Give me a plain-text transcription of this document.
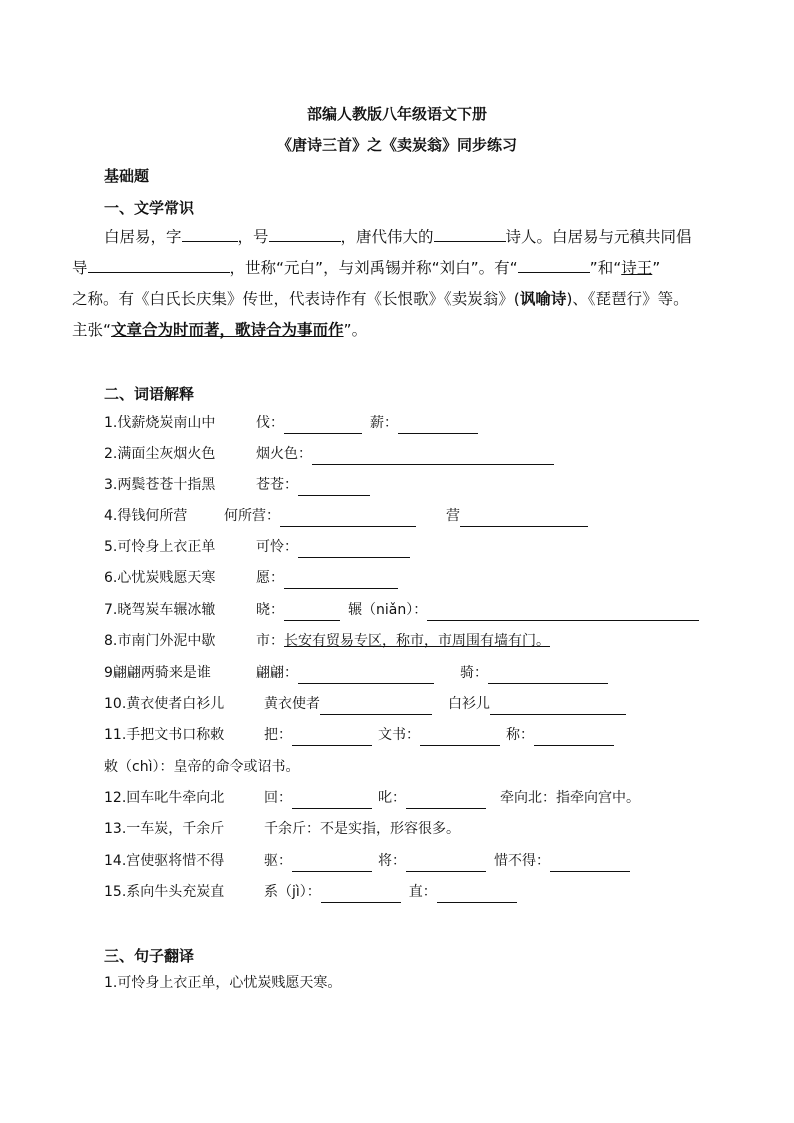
部编人教版八年级语文下册
《唐诗三首》之《卖炭翁》同步练习
基础题
一、文学常识
白居易，字	，号	，唐代伟大的	诗人。白居易与元稹共同倡
导	，世称“元白”，与刘禹锡并称“刘白”。有“	”和“诗王”
之称。有《白氏长庆集》传世，代表诗作有《长恨歌》《卖炭翁》(讽喻诗)、《琵琶行》等。
主张“文章合为时而著，歌诗合为事而作”。
二、词语解释
1.伐薪烧炭南山中	伐：	薪：
2.满面尘灰烟火色	烟火色：
3.两鬓苍苍十指黑	苍苍：
4.得钱何所营	何所营：	营
5.可怜身上衣正单	可怜：
6.心忧炭贱愿天寒	愿：
7.晓驾炭车辗冰辙	晓：	辗（niǎn）：
8.市南门外泥中歇	市：长安有贸易专区，称市，市周围有墙有门。
9翩翩两骑来是谁	翩翩：	骑：
10.黄衣使者白衫儿	黄衣使者	白衫儿
11.手把文书口称敕	把：	文书：	称：
敕（chì）：皇帝的命令或诏书。
12.回车叱牛牵向北	回：	叱：	牵向北：指牵向宫中。
13.一车炭，千余斤	千余斤：不是实指，形容很多。
14.宫使驱将惜不得	驱：	将：	惜不得：
15.系向牛头充炭直	系（jì）：	直：
三、句子翻译
1.可怜身上衣正单，心忧炭贱愿天寒。
